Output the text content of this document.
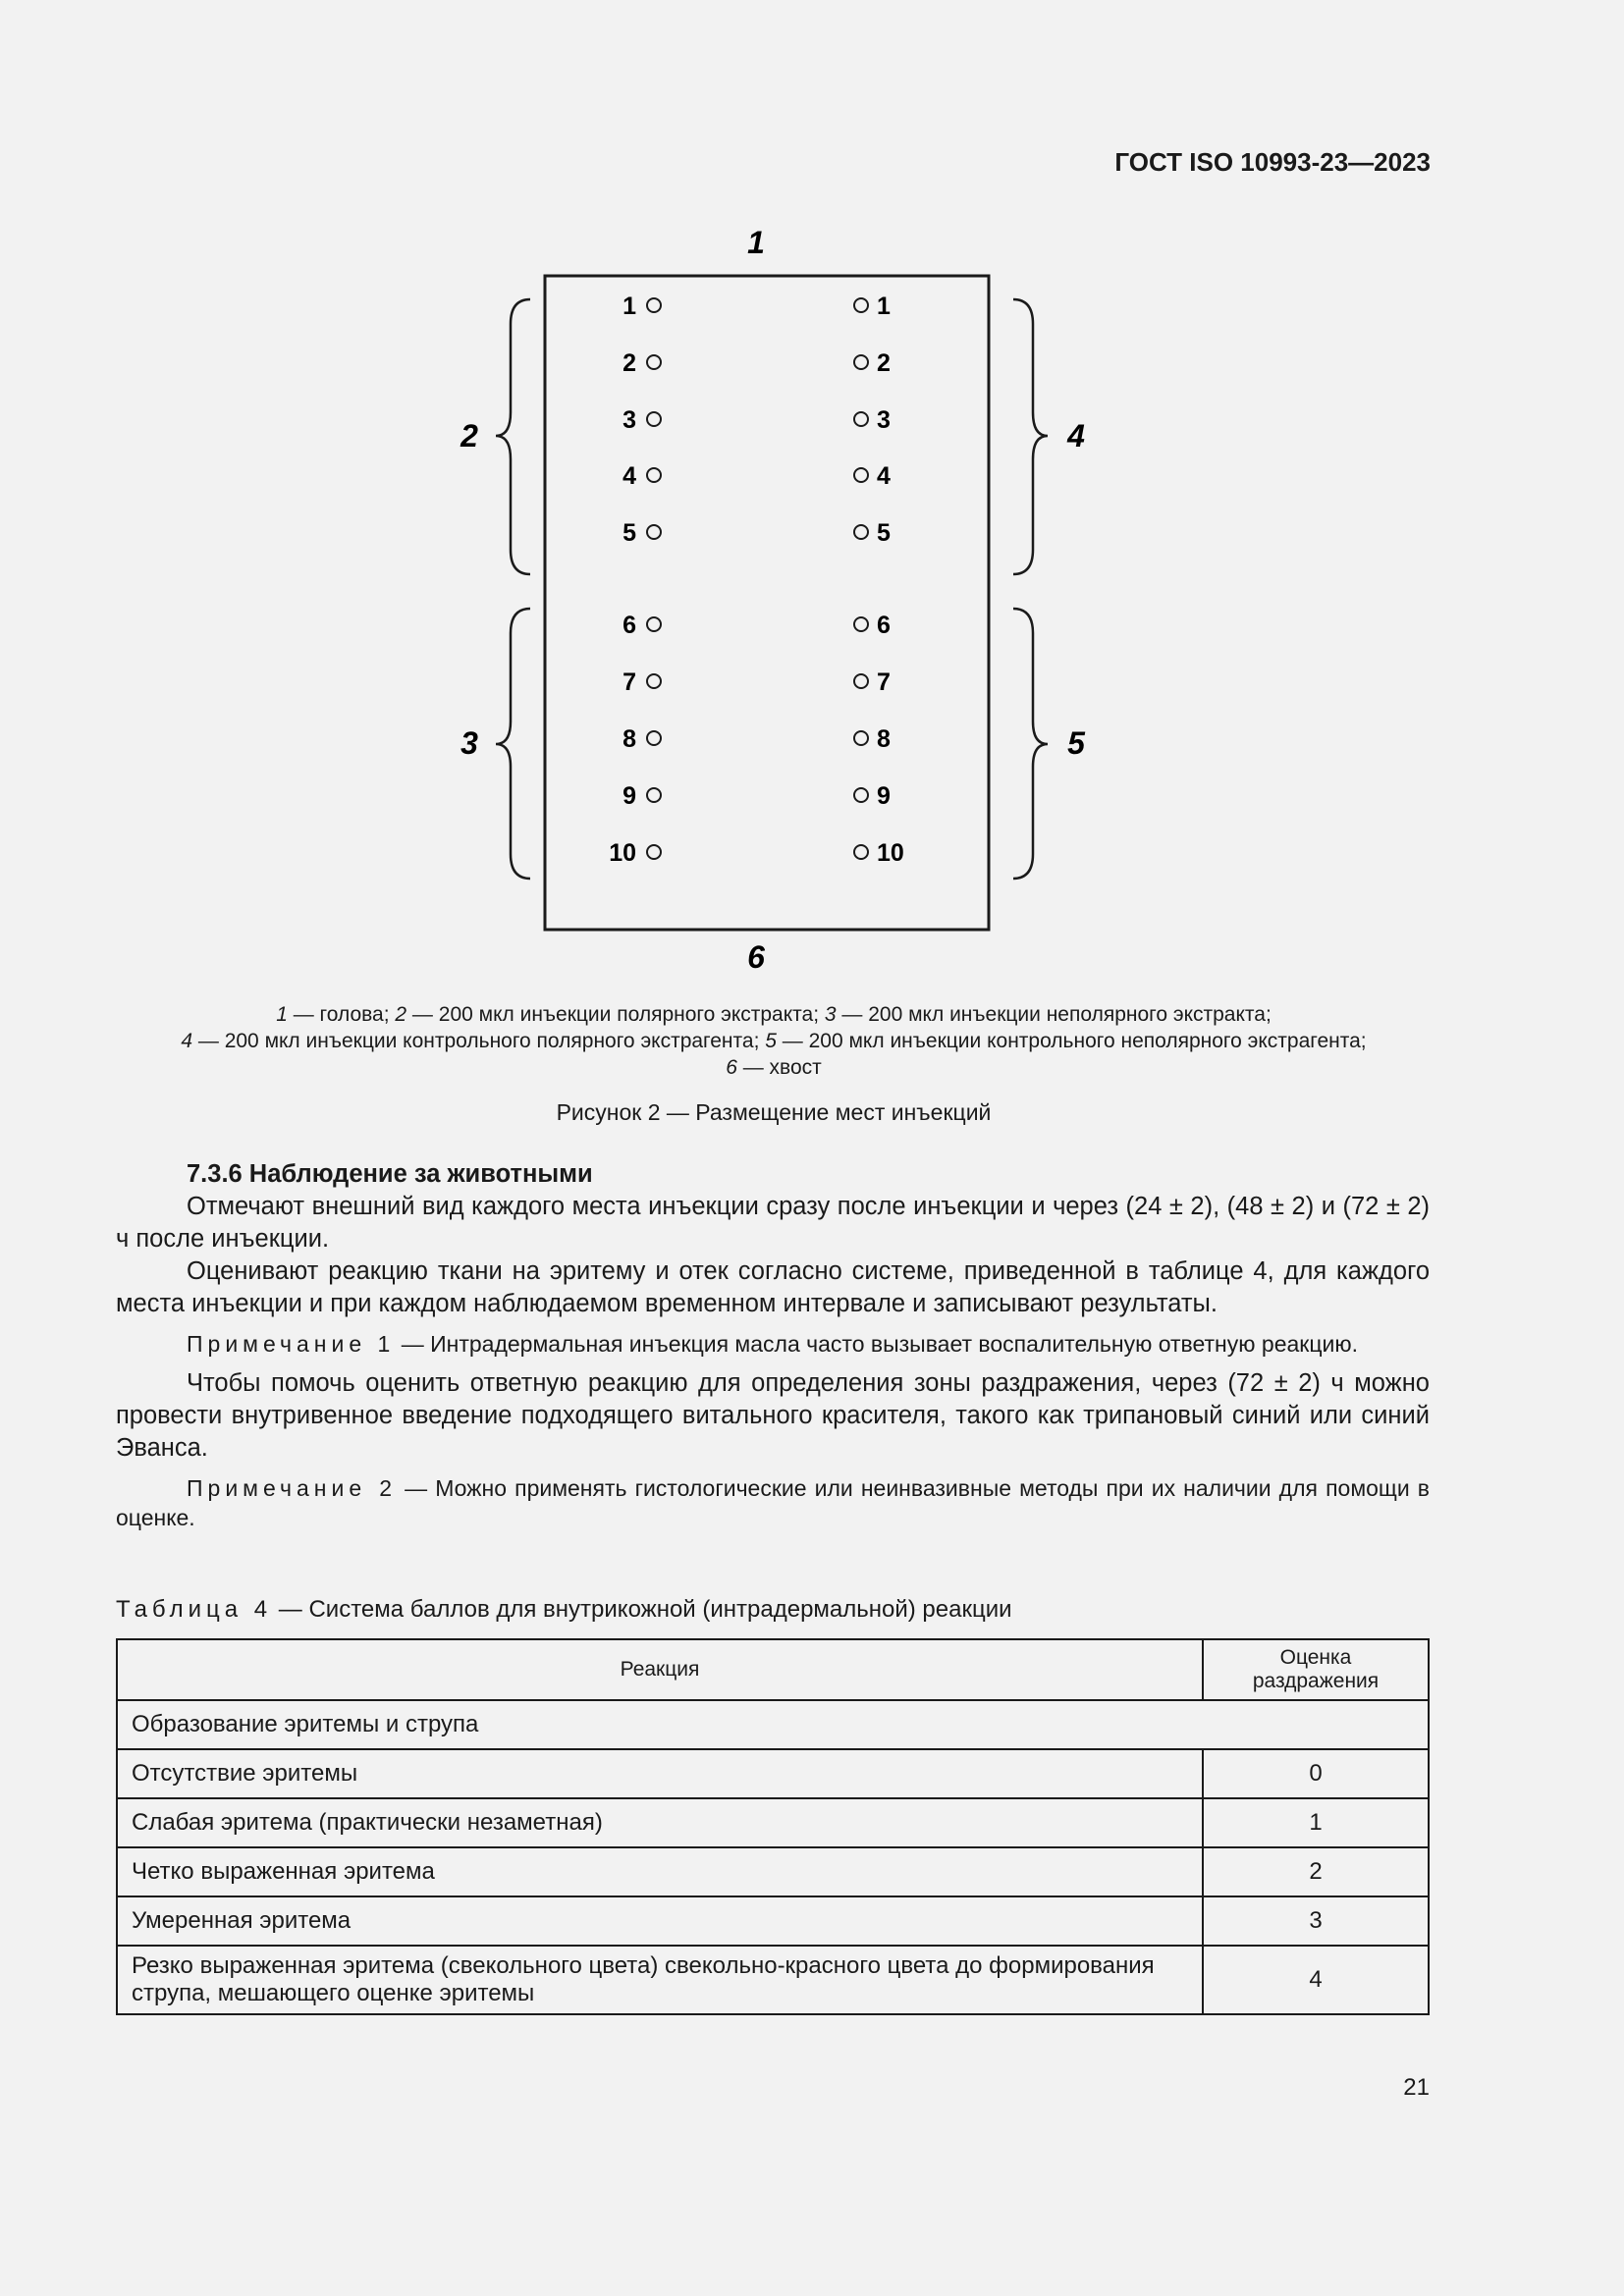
ГОСТ ISO 10993-23—2023
1
6
2
3
4
5
1	1
2	2
3	3
4	4
5	5
6	6
7	7
8	8
9	9
10	10
1 — голова; 2 — 200 мкл инъекции полярного экстракта; 3 — 200 мкл инъекции неполярного экстракта;
4 — 200 мкл инъекции контрольного полярного экстрагента; 5 — 200 мкл инъекции контрольного неполярного экстрагента;
6 — хвост
Рисунок 2 — Размещение мест инъекций

7.3.6 Наблюдение за животными

Отмечают внешний вид каждого места инъекции сразу после инъекции и через (24 ± 2), (48 ± 2) и (72 ± 2) ч после инъекции.

Оценивают реакцию ткани на эритему и отек согласно системе, приведенной в таблице 4, для каждого места инъекции и при каждом наблюдаемом временном интервале и записывают результаты.

Примечание 1 — Интрадермальная инъекция масла часто вызывает воспалительную ответную реакцию.

Чтобы помочь оценить ответную реакцию для определения зоны раздражения, через (72 ± 2) ч можно провести внутривенное введение подходящего витального красителя, такого как трипановый синий или синий Эванса.

Примечание 2 — Можно применять гистологические или неинвазивные методы при их наличии для помощи в оценке.

Таблица 4 — Система баллов для внутрикожной (интрадермальной) реакции
Реакция	Оценка раздражения
Образование эритемы и струпа	
Отсутствие эритемы	0
Слабая эритема (практически незаметная)	1
Четко выраженная эритема	2
Умеренная эритема	3
Резко выраженная эритема (свекольного цвета) свекольно-красного цвета до формирования струпа, мешающего оценке эритемы	4
21
